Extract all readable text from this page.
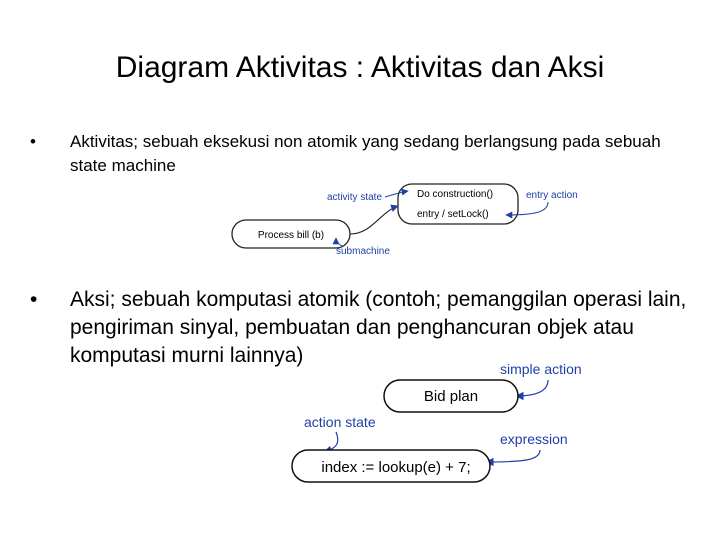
Diagram Aktivitas : Aktivitas dan Aksi
• Aktivitas; sebuah eksekusi non atomik yang sedang berlangsung pada sebuah state machine
• Aksi; sebuah komputasi atomik (contoh; pemanggilan operasi lain, pengiriman sinyal, pembuatan dan penghancuran objek atau komputasi murni lainnya)
Process bill (b)
Do construction()
entry / setLock()
activity state	entry action
submachine
simple action
Bid plan
action state
expression
index := lookup(e) + 7;
